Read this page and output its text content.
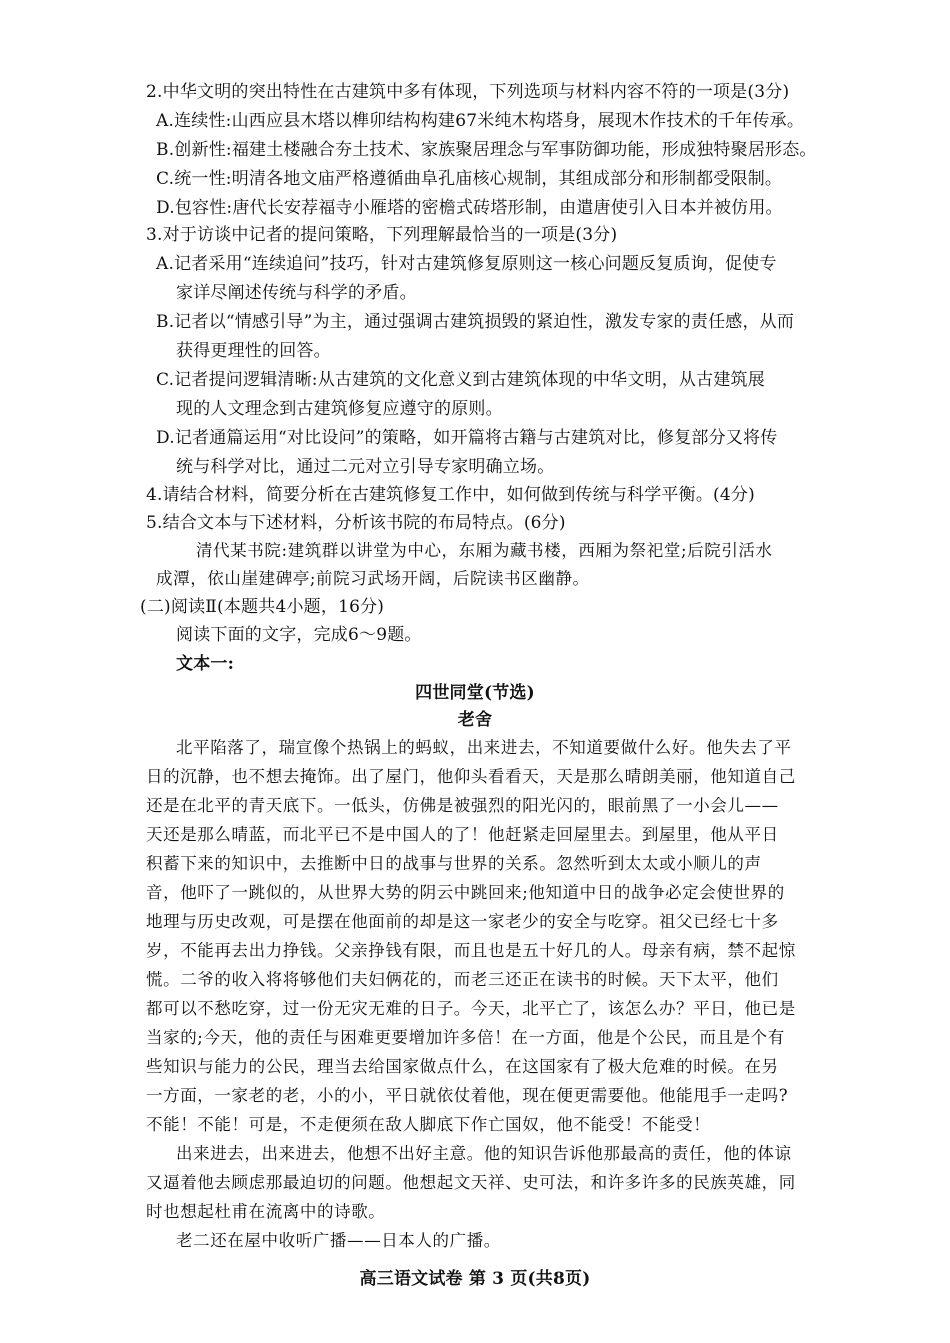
2.中华文明的突出特性在古建筑中多有体现，下列选项与材料内容不符的一项是(3分)

A.连续性:山西应县木塔以榫卯结构构建67米纯木构塔身，展现木作技术的千年传承。

B.创新性:福建土楼融合夯土技术、家族聚居理念与军事防御功能，形成独特聚居形态。

C.统一性:明清各地文庙严格遵循曲阜孔庙核心规制，其组成部分和形制都受限制。

D.包容性:唐代长安荐福寺小雁塔的密檐式砖塔形制，由遣唐使引入日本并被仿用。

3.对于访谈中记者的提问策略，下列理解最恰当的一项是(3分)

A.记者采用“连续追问”技巧，针对古建筑修复原则这一核心问题反复质询，促使专

家详尽阐述传统与科学的矛盾。

B.记者以“情感引导”为主，通过强调古建筑损毁的紧迫性，激发专家的责任感，从而

获得更理性的回答。

C.记者提问逻辑清晰:从古建筑的文化意义到古建筑体现的中华文明，从古建筑展

现的人文理念到古建筑修复应遵守的原则。

D.记者通篇运用“对比设问”的策略，如开篇将古籍与古建筑对比，修复部分又将传

统与科学对比，通过二元对立引导专家明确立场。

4.请结合材料，简要分析在古建筑修复工作中，如何做到传统与科学平衡。(4分)

5.结合文本与下述材料，分析该书院的布局特点。(6分)

清代某书院:建筑群以讲堂为中心，东厢为藏书楼，西厢为祭祀堂;后院引活水

成潭，依山崖建碑亭;前院习武场开阔，后院读书区幽静。

(二)阅读Ⅱ(本题共4小题，16分)

阅读下面的文字，完成6～9题。

文本一:

四世同堂(节选)

老舍

北平陷落了，瑞宣像个热锅上的蚂蚁，出来进去，不知道要做什么好。他失去了平

日的沉静，也不想去掩饰。出了屋门，他仰头看看天，天是那么晴朗美丽，他知道自己

还是在北平的青天底下。一低头，仿佛是被强烈的阳光闪的，眼前黑了一小会儿——

天还是那么晴蓝，而北平已不是中国人的了！他赶紧走回屋里去。到屋里，他从平日

积蓄下来的知识中，去推断中日的战事与世界的关系。忽然听到太太或小顺儿的声

音，他吓了一跳似的，从世界大势的阴云中跳回来;他知道中日的战争必定会使世界的

地理与历史改观，可是摆在他面前的却是这一家老少的安全与吃穿。祖父已经七十多

岁，不能再去出力挣钱。父亲挣钱有限，而且也是五十好几的人。母亲有病，禁不起惊

慌。二爷的收入将将够他们夫妇俩花的，而老三还正在读书的时候。天下太平，他们

都可以不愁吃穿，过一份无灾无难的日子。今天，北平亡了，该怎么办？平日，他已是

当家的;今天，他的责任与困难更要增加许多倍！在一方面，他是个公民，而且是个有

些知识与能力的公民，理当去给国家做点什么，在这国家有了极大危难的时候。在另

一方面，一家老的老，小的小，平日就依仗着他，现在便更需要他。他能甩手一走吗?

不能！不能！可是，不走便须在敌人脚底下作亡国奴，他不能受！不能受！

出来进去，出来进去，他想不出好主意。他的知识告诉他那最高的责任，他的体谅

又逼着他去顾虑那最迫切的问题。他想起文天祥、史可法，和许多许多的民族英雄，同

时也想起杜甫在流离中的诗歌。

老二还在屋中收听广播——日本人的广播。

高三语文试卷 第 3 页(共8页)
